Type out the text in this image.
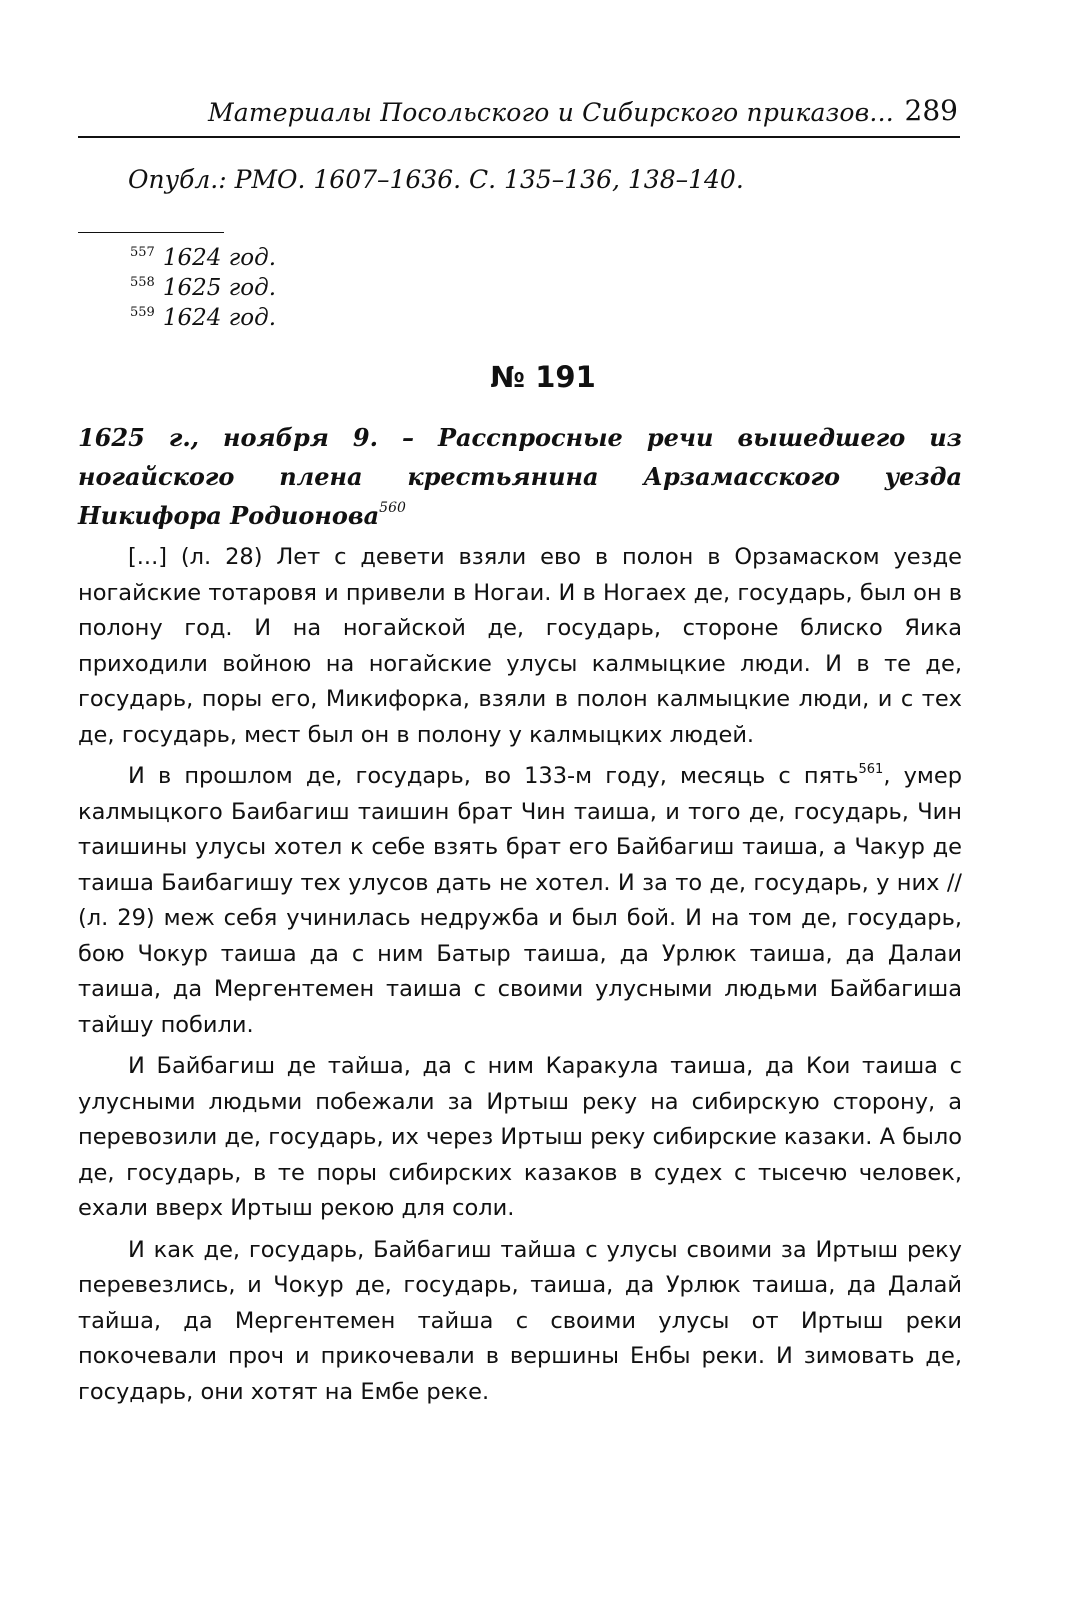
Материалы Посольского и Сибирского приказов... 289
Опубл.: РМО. 1607–1636. С. 135–136, 138–140.
$^{557}$ 1624 год.
$^{558}$ 1625 год.
$^{559}$ 1624 год.
№ 191
1625 г., ноября 9. – Расспросные речи вышедшего из ногайского плена крестьянина Арзамасского уезда Никифора Родионова$^{560}$

[...] (л. 28) Лет с девети взяли ево в полон в Орзамаском уезде ногайские тотаровя и привели в Ногаи. И в Ногаех де, государь, был он в полону год. И на ногайской де, государь, стороне блиско Яика приходили войною на ногайские улусы калмыцкие люди. И в те де, государь, поры его, Микифорка, взяли в полон калмыцкие люди, и с тех де, государь, мест был он в полону у калмыцких людей.

И в прошлом де, государь, во 133-м году, месяць с пять$^{561}$, умер калмыцкого Баибагиш таишин брат Чин таиша, и того де, государь, Чин таишины улусы хотел к себе взять брат его Байбагиш таиша, а Чакур де таиша Баибагишу тех улусов дать не хотел. И за то де, государь, у них // (л. 29) меж себя учинилась недружба и был бой. И на том де, государь, бою Чокур таиша да с ним Батыр таиша, да Урлюк таиша, да Далаи таиша, да Мергентемен таиша с своими улусными людьми Байбагиша тайшу побили.

И Байбагиш де тайша, да с ним Каракула таиша, да Кои таиша с улусными людьми побежали за Иртыш реку на сибирскую сторону, а перевозили де, государь, их через Иртыш реку сибирские казаки. А было де, государь, в те поры сибирских казаков в судех с тысечю человек, ехали вверх Иртыш рекою для соли.

И как де, государь, Байбагиш тайша с улусы своими за Иртыш реку перевезлись, и Чокур де, государь, таиша, да Урлюк таиша, да Далай тайша, да Мергентемен тайша с своими улусы от Иртыш реки покочевали проч и прикочевали в вершины Енбы реки. И зимовать де, государь, они хотят на Ембе реке.
